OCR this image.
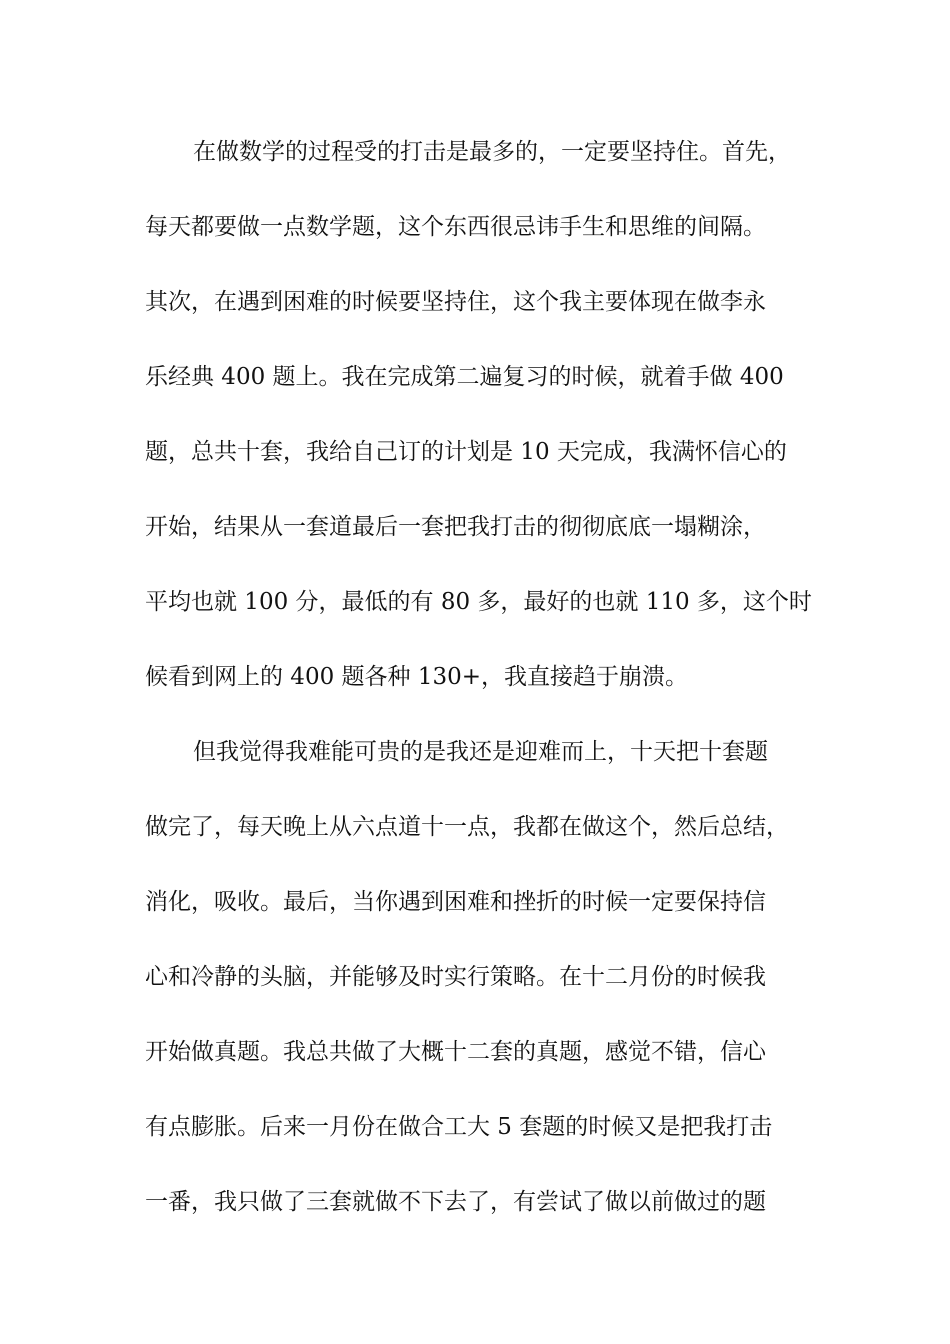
在做数学的过程受的打击是最多的，一定要坚持住。首先，
每天都要做一点数学题，这个东西很忌讳手生和思维的间隔。
其次，在遇到困难的时候要坚持住，这个我主要体现在做李永
乐经典 400 题上。我在完成第二遍复习的时候，就着手做 400
题，总共十套，我给自己订的计划是 10 天完成，我满怀信心的
开始，结果从一套道最后一套把我打击的彻彻底底一塌糊涂，
平均也就 100 分，最低的有 80 多，最好的也就 110 多，这个时
候看到网上的 400 题各种 130+，我直接趋于崩溃。
但我觉得我难能可贵的是我还是迎难而上，十天把十套题
做完了，每天晚上从六点道十一点，我都在做这个，然后总结，
消化，吸收。最后，当你遇到困难和挫折的时候一定要保持信
心和冷静的头脑，并能够及时实行策略。在十二月份的时候我
开始做真题。我总共做了大概十二套的真题，感觉不错，信心
有点膨胀。后来一月份在做合工大 5 套题的时候又是把我打击
一番，我只做了三套就做不下去了，有尝试了做以前做过的题
